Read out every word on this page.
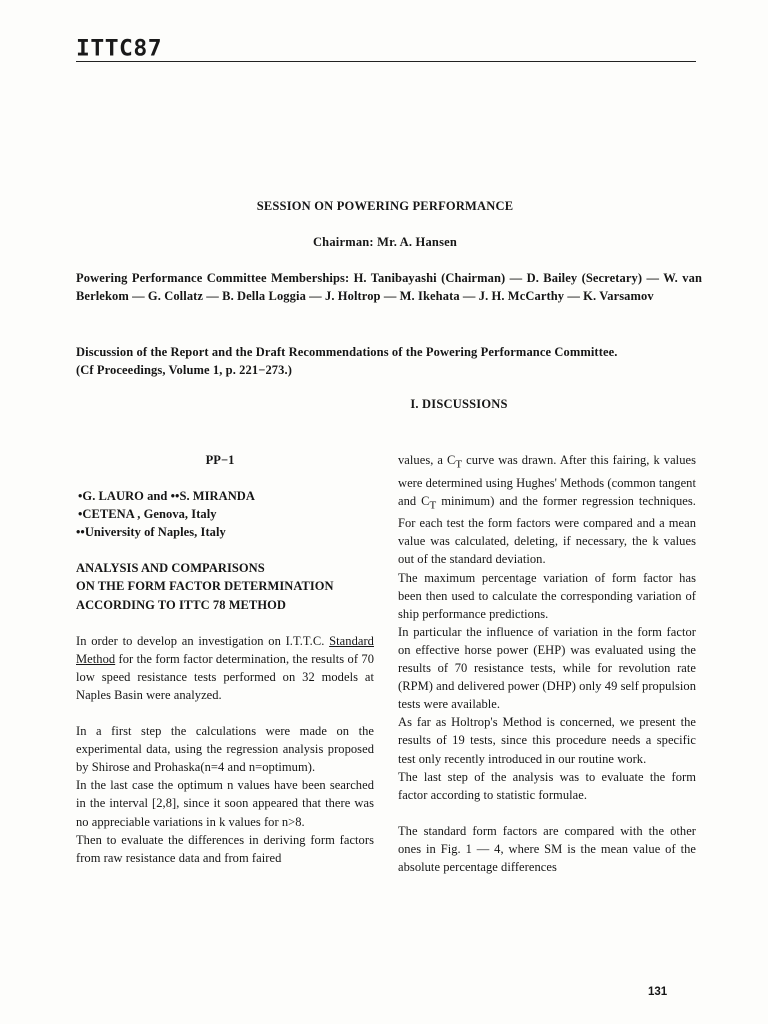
ITTC87
SESSION ON POWERING PERFORMANCE
Chairman: Mr. A. Hansen
Powering Performance Committee Memberships: H. Tanibayashi (Chairman) — D. Bailey (Secretary) — W. van Berlekom — G. Collatz — B. Della Loggia — J. Holtrop — M. Ikehata — J. H. McCarthy — K. Varsamov
Discussion of the Report and the Draft Recommendations of the Powering Performance Committee.
(Cf Proceedings, Volume 1, p. 221−273.)
I. DISCUSSIONS
PP−1

•G. LAURO and ••S. MIRANDA

•CETENA , Genova, Italy

••University of Naples, Italy

ANALYSIS AND COMPARISONS

ON THE FORM FACTOR DETERMINATION

ACCORDING TO ITTC 78 METHOD

In order to develop an investigation on I.T.T.C. Standard Method for the form factor determination, the results of 70 low speed resistance tests performed on 32 models at Naples Basin were analyzed.

In a first step the calculations were made on the experimental data, using the regression analysis proposed by Shirose and Prohaska(n=4 and n=optimum).

In the last case the optimum n values have been searched in the interval [2,8], since it soon appeared that there was no appreciable variations in k values for n>8.

Then to evaluate the differences in deriving form factors from raw resistance data and from faired

values, a $C_T$ curve was drawn. After this fairing, k values were determined using Hughes' Methods (common tangent and $C_T$ minimum) and the former regression techniques. For each test the form factors were compared and a mean value was calculated, deleting, if necessary, the k values out of the standard deviation.

The maximum percentage variation of form factor has been then used to calculate the corresponding variation of ship performance predictions.

In particular the influence of variation in the form factor on effective horse power (EHP) was evaluated using the results of 70 resistance tests, while for revolution rate (RPM) and delivered power (DHP) only 49 self propulsion tests were available.

As far as Holtrop's Method is concerned, we present the results of 19 tests, since this procedure needs a specific test only recently introduced in our routine work.

The last step of the analysis was to evaluate the form factor according to statistic formulae.

The standard form factors are compared with the other ones in Fig. 1 — 4, where SM is the mean value of the absolute percentage differences

131
